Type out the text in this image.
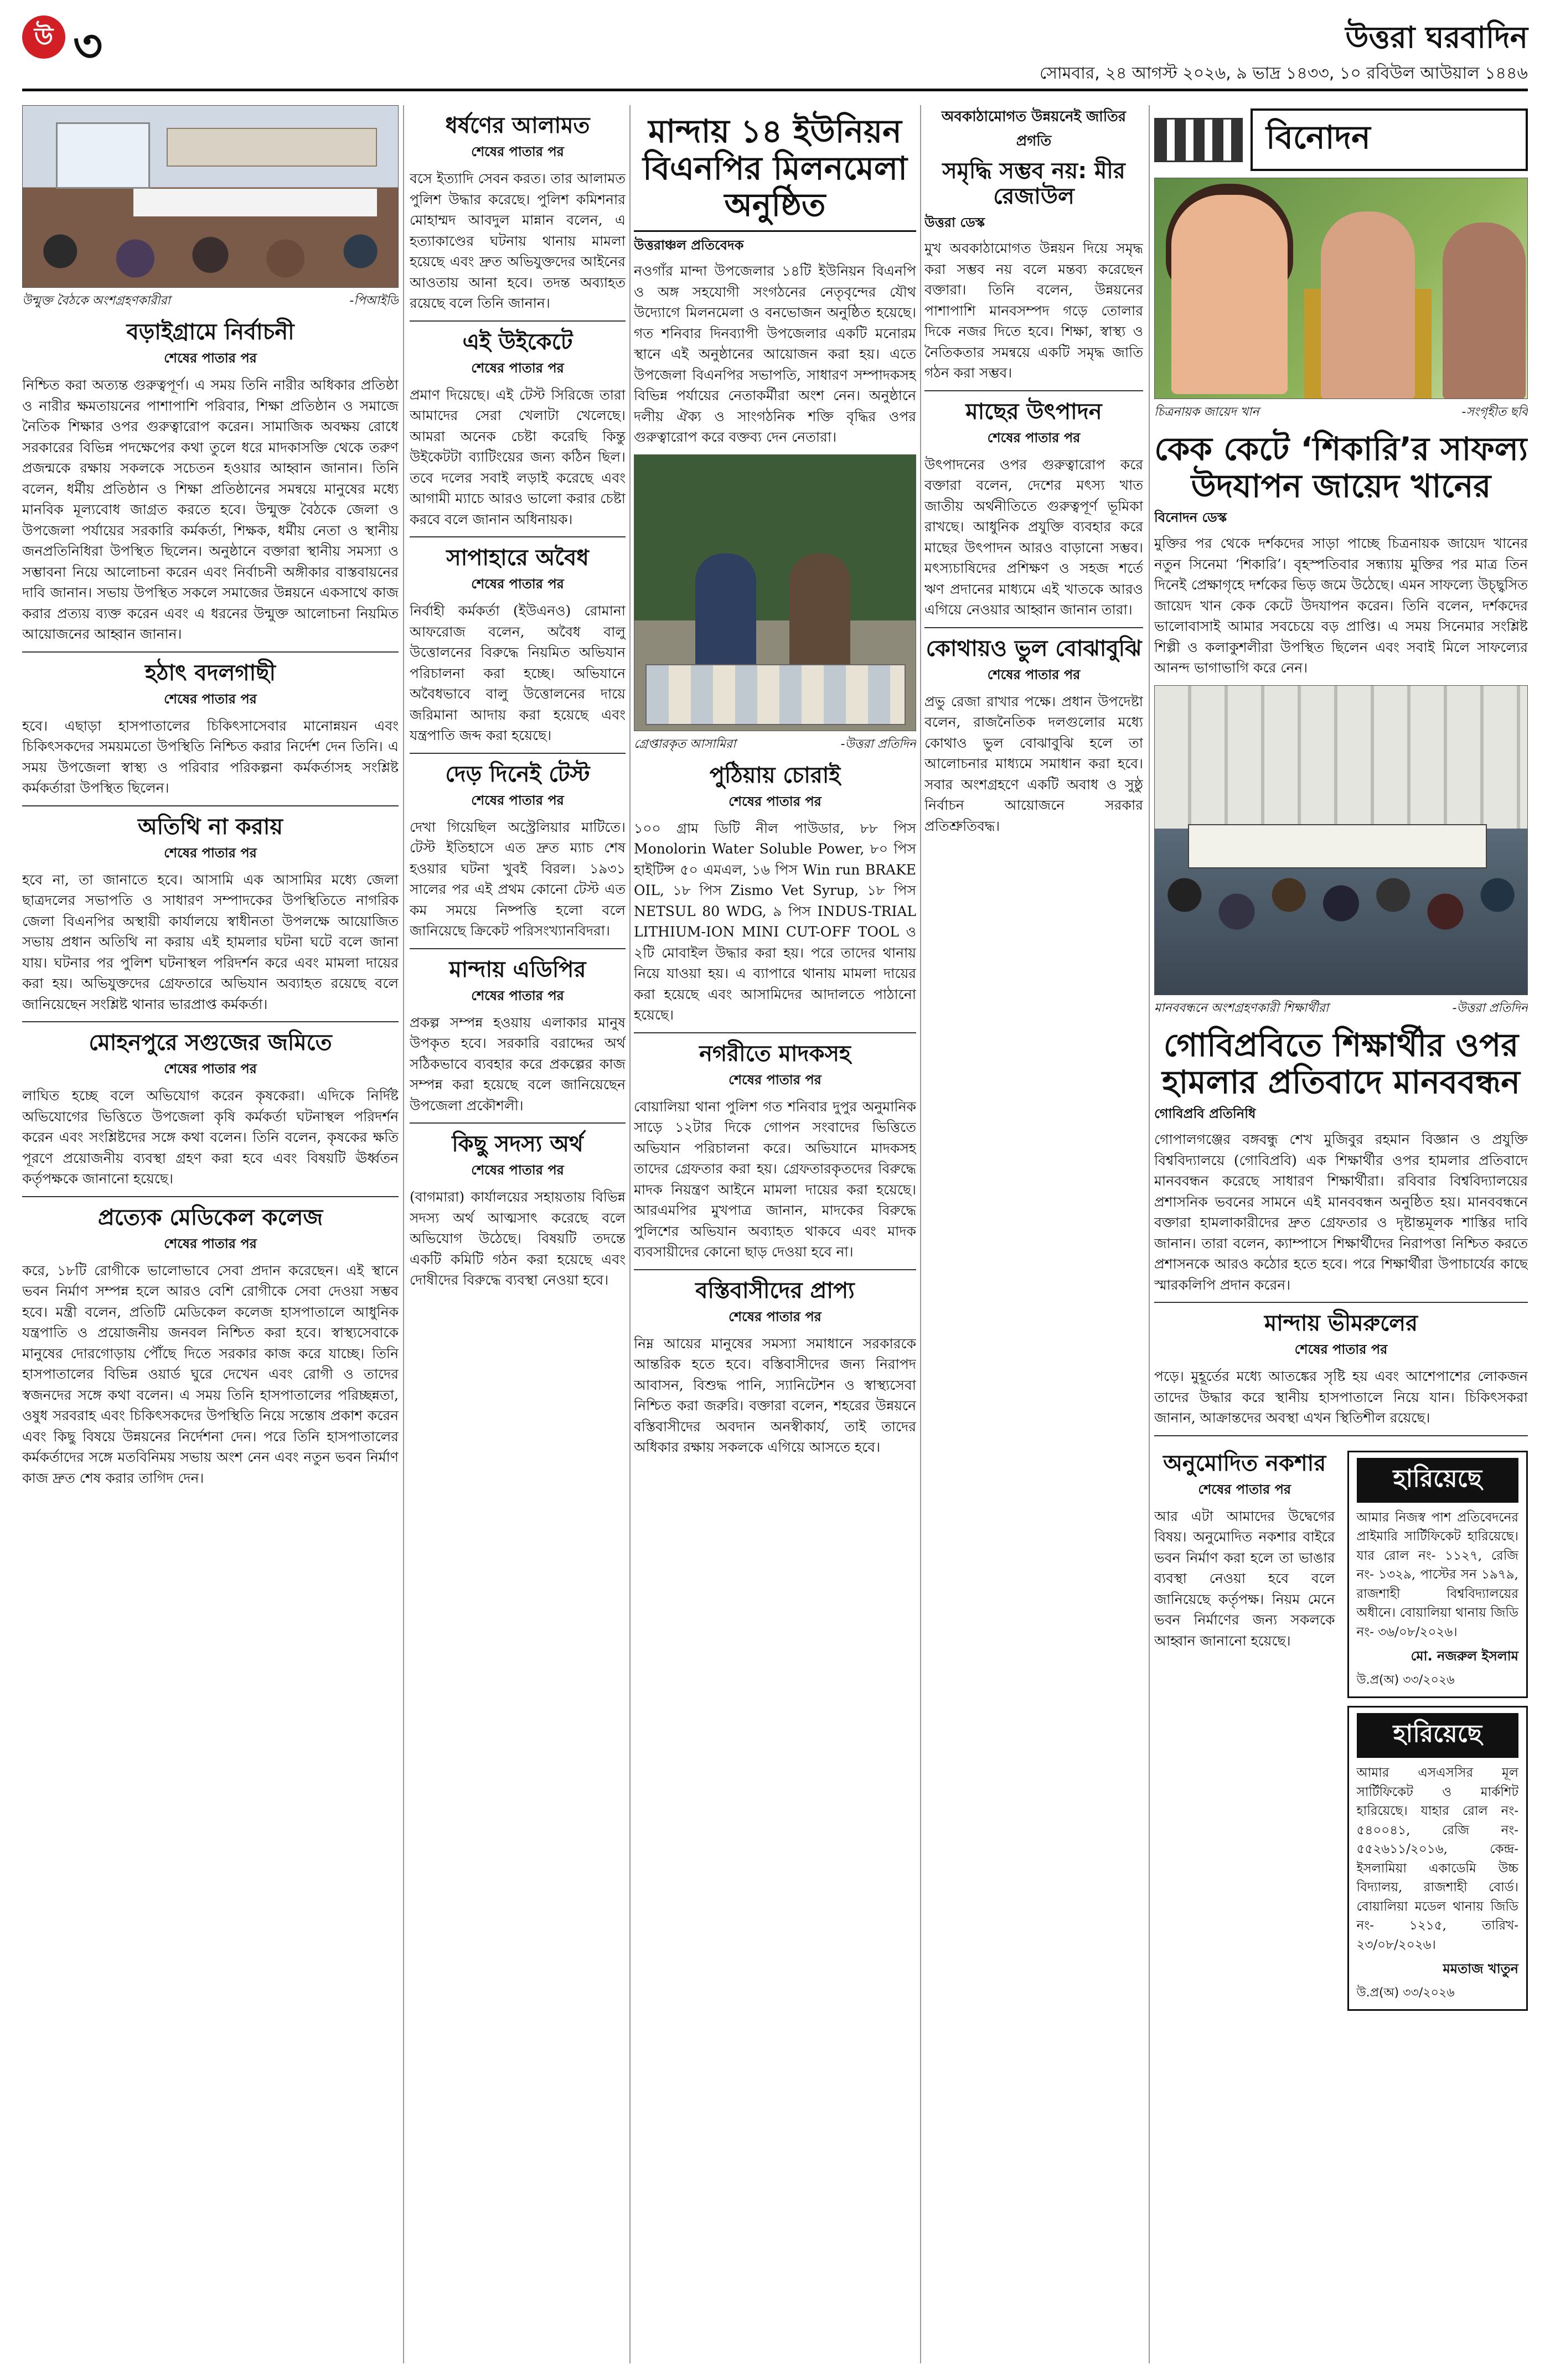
উ ৩	উত্তরা ঘরবাদিন
সোমবার, ২৪ আগস্ট ২০২৬, ৯ ভাদ্র ১৪৩৩, ১০ রবিউল আউয়াল ১৪৪৬
উন্মুক্ত বৈঠকে অংশগ্রহণকারীরা	-পিআইডি
বড়াইগ্রামে নির্বাচনী
শেষের পাতার পর
নিশ্চিত করা অত্যন্ত গুরুত্বপূর্ণ। এ সময় তিনি নারীর অধিকার প্রতিষ্ঠা ও নারীর ক্ষমতায়নের পাশাপাশি পরিবার, শিক্ষা প্রতিষ্ঠান ও সমাজে নৈতিক শিক্ষার ওপর গুরুত্বারোপ করেন। সামাজিক অবক্ষয় রোধে সরকারের বিভিন্ন পদক্ষেপের কথা তুলে ধরে মাদকাসক্তি থেকে তরুণ প্রজন্মকে রক্ষায় সকলকে সচেতন হওয়ার আহ্বান জানান। তিনি বলেন, ধর্মীয় প্রতিষ্ঠান ও শিক্ষা প্রতিষ্ঠানের সমন্বয়ে মানুষের মধ্যে মানবিক মূল্যবোধ জাগ্রত করতে হবে। উন্মুক্ত বৈঠকে জেলা ও উপজেলা পর্যায়ের সরকারি কর্মকর্তা, শিক্ষক, ধর্মীয় নেতা ও স্থানীয় জনপ্রতিনিধিরা উপস্থিত ছিলেন। অনুষ্ঠানে বক্তারা স্থানীয় সমস্যা ও সম্ভাবনা নিয়ে আলোচনা করেন এবং নির্বাচনী অঙ্গীকার বাস্তবায়নের দাবি জানান। সভায় উপস্থিত সকলে সমাজের উন্নয়নে একসাথে কাজ করার প্রত্যয় ব্যক্ত করেন এবং এ ধরনের উন্মুক্ত আলোচনা নিয়মিত আয়োজনের আহ্বান জানান।
হঠাৎ বদলগাছী
শেষের পাতার পর
হবে। এছাড়া হাসপাতালের চিকিৎসাসেবার মানোন্নয়ন এবং চিকিৎসকদের সময়মতো উপস্থিতি নিশ্চিত করার নির্দেশ দেন তিনি। এ সময় উপজেলা স্বাস্থ্য ও পরিবার পরিকল্পনা কর্মকর্তাসহ সংশ্লিষ্ট কর্মকর্তারা উপস্থিত ছিলেন।
অতিথি না করায়
শেষের পাতার পর
হবে না, তা জানাতে হবে। আসামি এক আসামির মধ্যে জেলা ছাত্রদলের সভাপতি ও সাধারণ সম্পাদকের উপস্থিতিতে নাগরিক জেলা বিএনপির অস্থায়ী কার্যালয়ে স্বাধীনতা উপলক্ষে আয়োজিত সভায় প্রধান অতিথি না করায় এই হামলার ঘটনা ঘটে বলে জানা যায়। ঘটনার পর পুলিশ ঘটনাস্থল পরিদর্শন করে এবং মামলা দায়ের করা হয়। অভিযুক্তদের গ্রেফতারে অভিযান অব্যাহত রয়েছে বলে জানিয়েছেন সংশ্লিষ্ট থানার ভারপ্রাপ্ত কর্মকর্তা।
মোহনপুরে সগুজের জমিতে
শেষের পাতার পর
লাঘিত হচ্ছে বলে অভিযোগ করেন কৃষকেরা। এদিকে নির্দিষ্ট অভিযোগের ভিত্তিতে উপজেলা কৃষি কর্মকর্তা ঘটনাস্থল পরিদর্শন করেন এবং সংশ্লিষ্টদের সঙ্গে কথা বলেন। তিনি বলেন, কৃষকের ক্ষতি পূরণে প্রয়োজনীয় ব্যবস্থা গ্রহণ করা হবে এবং বিষয়টি ঊর্ধ্বতন কর্তৃপক্ষকে জানানো হয়েছে।
প্রত্যেক মেডিকেল কলেজ
শেষের পাতার পর
করে, ১৮টি রোগীকে ভালোভাবে সেবা প্রদান করেছেন। এই স্থানে ভবন নির্মাণ সম্পন্ন হলে আরও বেশি রোগীকে সেবা দেওয়া সম্ভব হবে। মন্ত্রী বলেন, প্রতিটি মেডিকেল কলেজ হাসপাতালে আধুনিক যন্ত্রপাতি ও প্রয়োজনীয় জনবল নিশ্চিত করা হবে। স্বাস্থ্যসেবাকে মানুষের দোরগোড়ায় পৌঁছে দিতে সরকার কাজ করে যাচ্ছে। তিনি হাসপাতালের বিভিন্ন ওয়ার্ড ঘুরে দেখেন এবং রোগী ও তাদের স্বজনদের সঙ্গে কথা বলেন। এ সময় তিনি হাসপাতালের পরিচ্ছন্নতা, ওষুধ সরবরাহ এবং চিকিৎসকদের উপস্থিতি নিয়ে সন্তোষ প্রকাশ করেন এবং কিছু বিষয়ে উন্নয়নের নির্দেশনা দেন। পরে তিনি হাসপাতালের কর্মকর্তাদের সঙ্গে মতবিনিময় সভায় অংশ নেন এবং নতুন ভবন নির্মাণ কাজ দ্রুত শেষ করার তাগিদ দেন।
ধর্ষণের আলামত
শেষের পাতার পর
বসে ইত্যাদি সেবন করত। তার আলামত পুলিশ উদ্ধার করেছে। পুলিশ কমিশনার মোহাম্মদ আবদুল মান্নান বলেন, এ হত্যাকাণ্ডের ঘটনায় থানায় মামলা হয়েছে এবং দ্রুত অভিযুক্তদের আইনের আওতায় আনা হবে। তদন্ত অব্যাহত রয়েছে বলে তিনি জানান।
এই উইকেটে
শেষের পাতার পর
প্রমাণ দিয়েছে। এই টেস্ট সিরিজে তারা আমাদের সেরা খেলাটা খেলেছে। আমরা অনেক চেষ্টা করেছি কিন্তু উইকেটটা ব্যাটিংয়ের জন্য কঠিন ছিল। তবে দলের সবাই লড়াই করেছে এবং আগামী ম্যাচে আরও ভালো করার চেষ্টা করবে বলে জানান অধিনায়ক।
সাপাহারে অবৈধ
শেষের পাতার পর
নির্বাহী কর্মকর্তা (ইউএনও) রোমানা আফরোজ বলেন, অবৈধ বালু উত্তোলনের বিরুদ্ধে নিয়মিত অভিযান পরিচালনা করা হচ্ছে। অভিযানে অবৈধভাবে বালু উত্তোলনের দায়ে জরিমানা আদায় করা হয়েছে এবং যন্ত্রপাতি জব্দ করা হয়েছে।
দেড় দিনেই টেস্ট
শেষের পাতার পর
দেখা গিয়েছিল অস্ট্রেলিয়ার মাটিতে। টেস্ট ইতিহাসে এত দ্রুত ম্যাচ শেষ হওয়ার ঘটনা খুবই বিরল। ১৯৩১ সালের পর এই প্রথম কোনো টেস্ট এত কম সময়ে নিষ্পত্তি হলো বলে জানিয়েছে ক্রিকেট পরিসংখ্যানবিদরা।
মান্দায় এডিপির
শেষের পাতার পর
প্রকল্প সম্পন্ন হওয়ায় এলাকার মানুষ উপকৃত হবে। সরকারি বরাদ্দের অর্থ সঠিকভাবে ব্যবহার করে প্রকল্পের কাজ সম্পন্ন করা হয়েছে বলে জানিয়েছেন উপজেলা প্রকৌশলী।
কিছু সদস্য অর্থ
শেষের পাতার পর
(বাগমারা) কার্যালয়ের সহায়তায় বিভিন্ন সদস্য অর্থ আত্মসাৎ করেছে বলে অভিযোগ উঠেছে। বিষয়টি তদন্তে একটি কমিটি গঠন করা হয়েছে এবং দোষীদের বিরুদ্ধে ব্যবস্থা নেওয়া হবে।
মান্দায় ১৪ ইউনিয়ন বিএনপির মিলনমেলা অনুষ্ঠিত
উত্তরাঞ্চল প্রতিবেদক
নওগাঁর মান্দা উপজেলার ১৪টি ইউনিয়ন বিএনপি ও অঙ্গ সহযোগী সংগঠনের নেতৃবৃন্দের যৌথ উদ্যোগে মিলনমেলা ও বনভোজন অনুষ্ঠিত হয়েছে। গত শনিবার দিনব্যাপী উপজেলার একটি মনোরম স্থানে এই অনুষ্ঠানের আয়োজন করা হয়। এতে উপজেলা বিএনপির সভাপতি, সাধারণ সম্পাদকসহ বিভিন্ন পর্যায়ের নেতাকর্মীরা অংশ নেন। অনুষ্ঠানে দলীয় ঐক্য ও সাংগঠনিক শক্তি বৃদ্ধির ওপর গুরুত্বারোপ করে বক্তব্য দেন নেতারা।
গ্রেপ্তারকৃত আসামিরা	-উত্তরা প্রতিদিন
পুঠিয়ায় চোরাই
শেষের পাতার পর
১০০ গ্রাম ডিটি নীল পাউডার, ৮৮ পিস Monolorin Water Soluble Power, ৮০ পিস হাইটিন্স ৫০ এমএল, ১৬ পিস Win run BRAKE OIL, ১৮ পিস Zismo Vet Syrup, ১৮ পিস NETSUL 80 WDG, ৯ পিস INDUS-TRIAL LITHIUM-ION MINI CUT-OFF TOOL ও ২টি মোবাইল উদ্ধার করা হয়। পরে তাদের থানায় নিয়ে যাওয়া হয়। এ ব্যাপারে থানায় মামলা দায়ের করা হয়েছে এবং আসামিদের আদালতে পাঠানো হয়েছে।
নগরীতে মাদকসহ
শেষের পাতার পর
বোয়ালিয়া থানা পুলিশ গত শনিবার দুপুর অনুমানিক সাড়ে ১২টার দিকে গোপন সংবাদের ভিত্তিতে অভিযান পরিচালনা করে। অভিযানে মাদকসহ তাদের গ্রেফতার করা হয়। গ্রেফতারকৃতদের বিরুদ্ধে মাদক নিয়ন্ত্রণ আইনে মামলা দায়ের করা হয়েছে। আরএমপির মুখপাত্র জানান, মাদকের বিরুদ্ধে পুলিশের অভিযান অব্যাহত থাকবে এবং মাদক ব্যবসায়ীদের কোনো ছাড় দেওয়া হবে না।
বস্তিবাসীদের প্রাপ্য
শেষের পাতার পর
নিম্ন আয়ের মানুষের সমস্যা সমাধানে সরকারকে আন্তরিক হতে হবে। বস্তিবাসীদের জন্য নিরাপদ আবাসন, বিশুদ্ধ পানি, স্যানিটেশন ও স্বাস্থ্যসেবা নিশ্চিত করা জরুরি। বক্তারা বলেন, শহরের উন্নয়নে বস্তিবাসীদের অবদান অনস্বীকার্য, তাই তাদের অধিকার রক্ষায় সকলকে এগিয়ে আসতে হবে।
অবকাঠামোগত উন্নয়নেই জাতির প্রগতি
সমৃদ্ধি সম্ভব নয়: মীর রেজাউল
উত্তরা ডেস্ক
মুখ অবকাঠামোগত উন্নয়ন দিয়ে সমৃদ্ধ করা সম্ভব নয় বলে মন্তব্য করেছেন বক্তারা। তিনি বলেন, উন্নয়নের পাশাপাশি মানবসম্পদ গড়ে তোলার দিকে নজর দিতে হবে। শিক্ষা, স্বাস্থ্য ও নৈতিকতার সমন্বয়ে একটি সমৃদ্ধ জাতি গঠন করা সম্ভব।
মাছের উৎপাদন
শেষের পাতার পর
উৎপাদনের ওপর গুরুত্বারোপ করে বক্তারা বলেন, দেশের মৎস্য খাত জাতীয় অর্থনীতিতে গুরুত্বপূর্ণ ভূমিকা রাখছে। আধুনিক প্রযুক্তি ব্যবহার করে মাছের উৎপাদন আরও বাড়ানো সম্ভব। মৎস্যচাষিদের প্রশিক্ষণ ও সহজ শর্তে ঋণ প্রদানের মাধ্যমে এই খাতকে আরও এগিয়ে নেওয়ার আহ্বান জানান তারা।
কোথায়ও ভুল বোঝাবুঝি
শেষের পাতার পর
প্রভু রেজা রাখার পক্ষে। প্রধান উপদেষ্টা বলেন, রাজনৈতিক দলগুলোর মধ্যে কোথাও ভুল বোঝাবুঝি হলে তা আলোচনার মাধ্যমে সমাধান করা হবে। সবার অংশগ্রহণে একটি অবাধ ও সুষ্ঠু নির্বাচন আয়োজনে সরকার প্রতিশ্রুতিবদ্ধ।
বিনোদন
চিত্রনায়ক জায়েদ খান	-সংগৃহীত ছবি
কেক কেটে ‘শিকারি’র সাফল্য উদযাপন জায়েদ খানের
বিনোদন ডেস্ক
মুক্তির পর থেকে দর্শকদের সাড়া পাচ্ছে চিত্রনায়ক জায়েদ খানের নতুন সিনেমা ‘শিকারি’। বৃহস্পতিবার সন্ধ্যায় মুক্তির পর মাত্র তিন দিনেই প্রেক্ষাগৃহে দর্শকের ভিড় জমে উঠেছে। এমন সাফল্যে উচ্ছ্বসিত জায়েদ খান কেক কেটে উদযাপন করেন। তিনি বলেন, দর্শকদের ভালোবাসাই আমার সবচেয়ে বড় প্রাপ্তি। এ সময় সিনেমার সংশ্লিষ্ট শিল্পী ও কলাকুশলীরা উপস্থিত ছিলেন এবং সবাই মিলে সাফল্যের আনন্দ ভাগাভাগি করে নেন।
মানববন্ধনে অংশগ্রহণকারী শিক্ষার্থীরা	-উত্তরা প্রতিদিন
গোবিপ্রবিতে শিক্ষার্থীর ওপর হামলার প্রতিবাদে মানববন্ধন
গোবিপ্রবি প্রতিনিধি
গোপালগঞ্জের বঙ্গবন্ধু শেখ মুজিবুর রহমান বিজ্ঞান ও প্রযুক্তি বিশ্ববিদ্যালয়ে (গোবিপ্রবি) এক শিক্ষার্থীর ওপর হামলার প্রতিবাদে মানববন্ধন করেছে সাধারণ শিক্ষার্থীরা। রবিবার বিশ্ববিদ্যালয়ের প্রশাসনিক ভবনের সামনে এই মানববন্ধন অনুষ্ঠিত হয়। মানববন্ধনে বক্তারা হামলাকারীদের দ্রুত গ্রেফতার ও দৃষ্টান্তমূলক শাস্তির দাবি জানান। তারা বলেন, ক্যাম্পাসে শিক্ষার্থীদের নিরাপত্তা নিশ্চিত করতে প্রশাসনকে আরও কঠোর হতে হবে। পরে শিক্ষার্থীরা উপাচার্যের কাছে স্মারকলিপি প্রদান করেন।
মান্দায় ভীমরুলের
শেষের পাতার পর
পড়ে। মুহূর্তের মধ্যে আতঙ্কের সৃষ্টি হয় এবং আশেপাশের লোকজন তাদের উদ্ধার করে স্থানীয় হাসপাতালে নিয়ে যান। চিকিৎসকরা জানান, আক্রান্তদের অবস্থা এখন স্থিতিশীল রয়েছে।
অনুমোদিত নকশার
শেষের পাতার পর
আর এটা আমাদের উদ্বেগের বিষয়। অনুমোদিত নকশার বাইরে ভবন নির্মাণ করা হলে তা ভাঙার ব্যবস্থা নেওয়া হবে বলে জানিয়েছে কর্তৃপক্ষ। নিয়ম মেনে ভবন নির্মাণের জন্য সকলকে আহ্বান জানানো হয়েছে।
হারিয়েছে
আমার নিজস্ব পাশ প্রতিবেদনের প্রাইমারি সার্টিফিকেট হারিয়েছে। যার রোল নং- ১১২৭, রেজি নং- ১৩২৯, পাস্টের সন ১৯৭৯, রাজশাহী বিশ্ববিদ্যালয়ের অধীনে। বোয়ালিয়া থানায় জিডি নং- ৩৬/০৮/২০২৬।
মো. নজরুল ইসলাম
উ.প্র(অ) ৩৩/২০২৬
হারিয়েছে
আমার এসএসসির মূল সার্টিফিকেট ও মার্কশিট হারিয়েছে। যাহার রোল নং- ৫৪০০৪১, রেজি নং- ৫৫২৬১১/২০১৬, কেন্দ্র- ইসলামিয়া একাডেমি উচ্চ বিদ্যালয়, রাজশাহী বোর্ড। বোয়ালিয়া মডেল থানায় জিডি নং- ১২১৫, তারিখ- ২৩/০৮/২০২৬।
মমতাজ খাতুন
উ.প্র(অ) ৩৩/২০২৬
